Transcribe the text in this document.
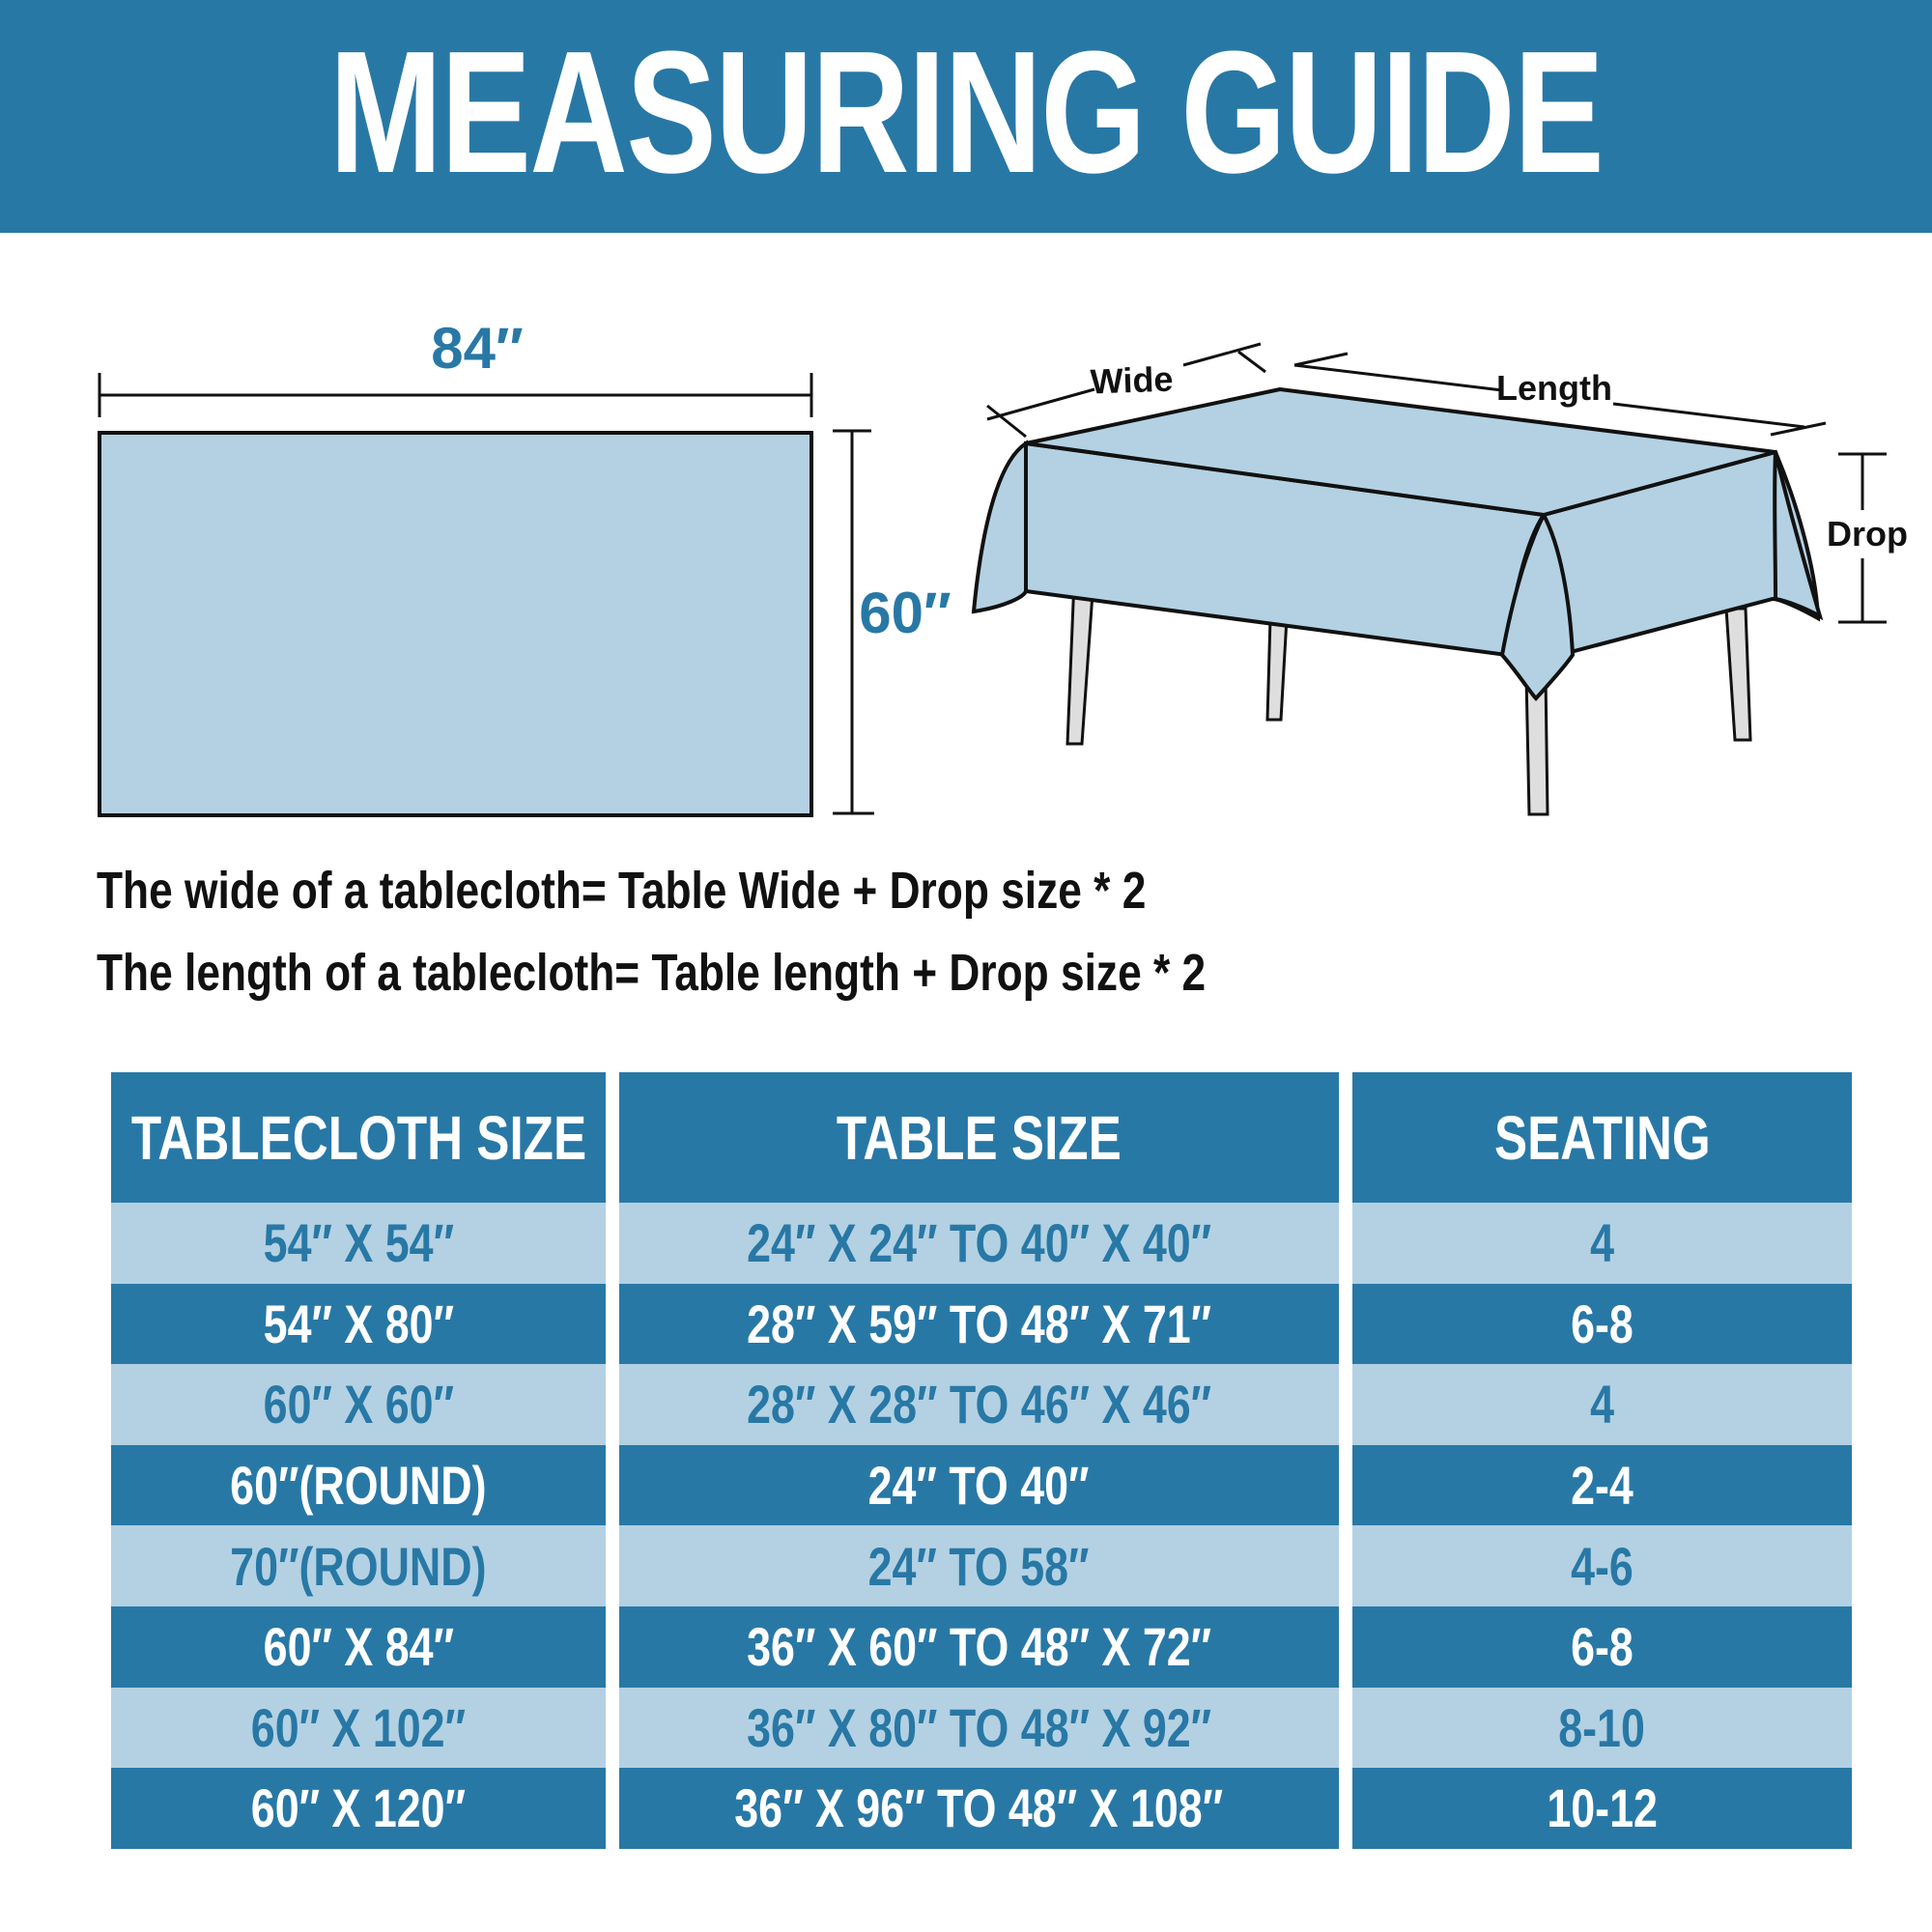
MEASURING GUIDE
84″
60″
Wide	Length
Drop
The wide of a tablecloth= Table Wide + Drop size * 2
The length of a tablecloth= Table length + Drop size * 2
TABLECLOTH SIZE
54″ X 54″
54″ X 80″
60″ X 60″
60″(ROUND)
70″(ROUND)
60″ X 84″
60″ X 102″
60″ X 120″
TABLE SIZE
24″ X 24″ TO 40″ X 40″
28″ X 59″ TO 48″ X 71″
28″ X 28″ TO 46″ X 46″
24″ TO 40″
24″ TO 58″
36″ X 60″ TO 48″ X 72″
36″ X 80″ TO 48″ X 92″
36″ X 96″ TO 48″ X 108″
SEATING
4
6-8
4
2-4
4-6
6-8
8-10
10-12
